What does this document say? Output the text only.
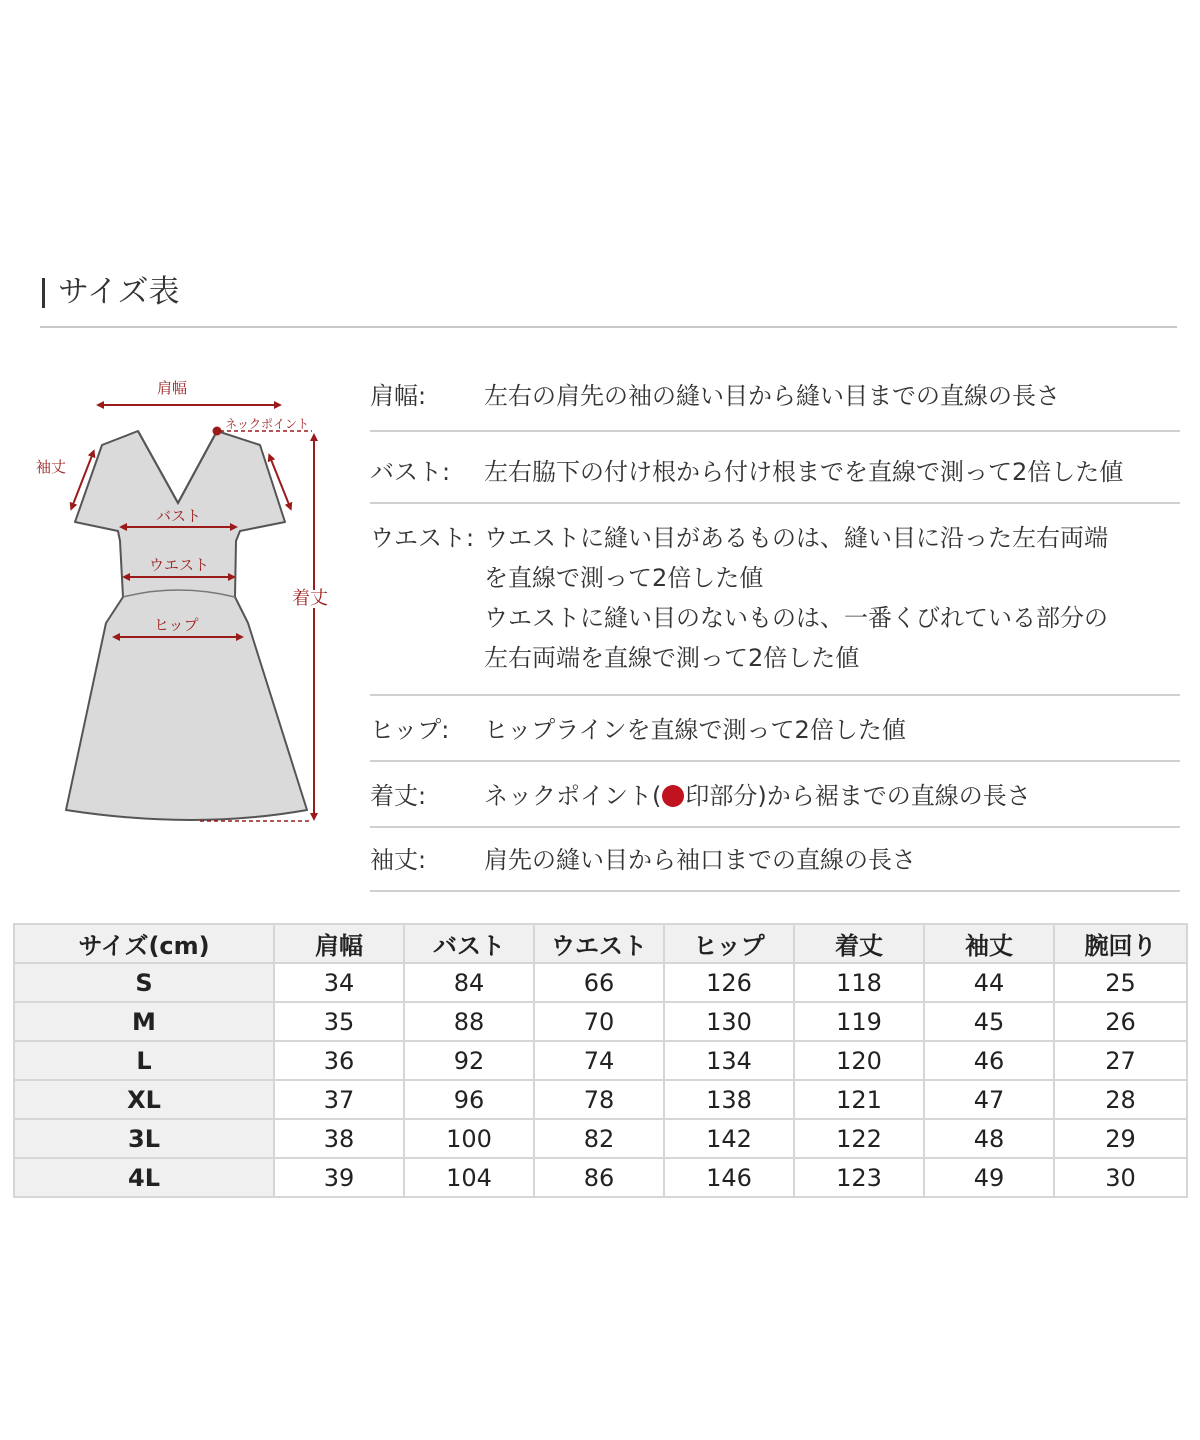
サイズ表
肩幅
ネックポイント
袖丈
バスト
ウエスト
ヒップ
着丈
肩幅:	左右の肩先の袖の縫い目から縫い目までの直線の長さ
バスト:	左右脇下の付け根から付け根までを直線で測って2倍した値
ウエスト: ウエストに縫い目があるものは、縫い目に沿った左右両端
を直線で測って2倍した値
ウエストに縫い目のないものは、一番くびれている部分の
左右両端を直線で測って2倍した値
ヒップ:	ヒップラインを直線で測って2倍した値
着丈:	ネックポイント( 印部分)から裾までの直線の長さ
袖丈:	肩先の縫い目から袖口までの直線の長さ
サイズ(cm)	肩幅	バスト	ウエスト	ヒップ	着丈	袖丈	腕回り
S	34	84	66	126	118	44	25
M	35	88	70	130	119	45	26
L	36	92	74	134	120	46	27
XL	37	96	78	138	121	47	28
3L	38	100	82	142	122	48	29
4L	39	104	86	146	123	49	30
